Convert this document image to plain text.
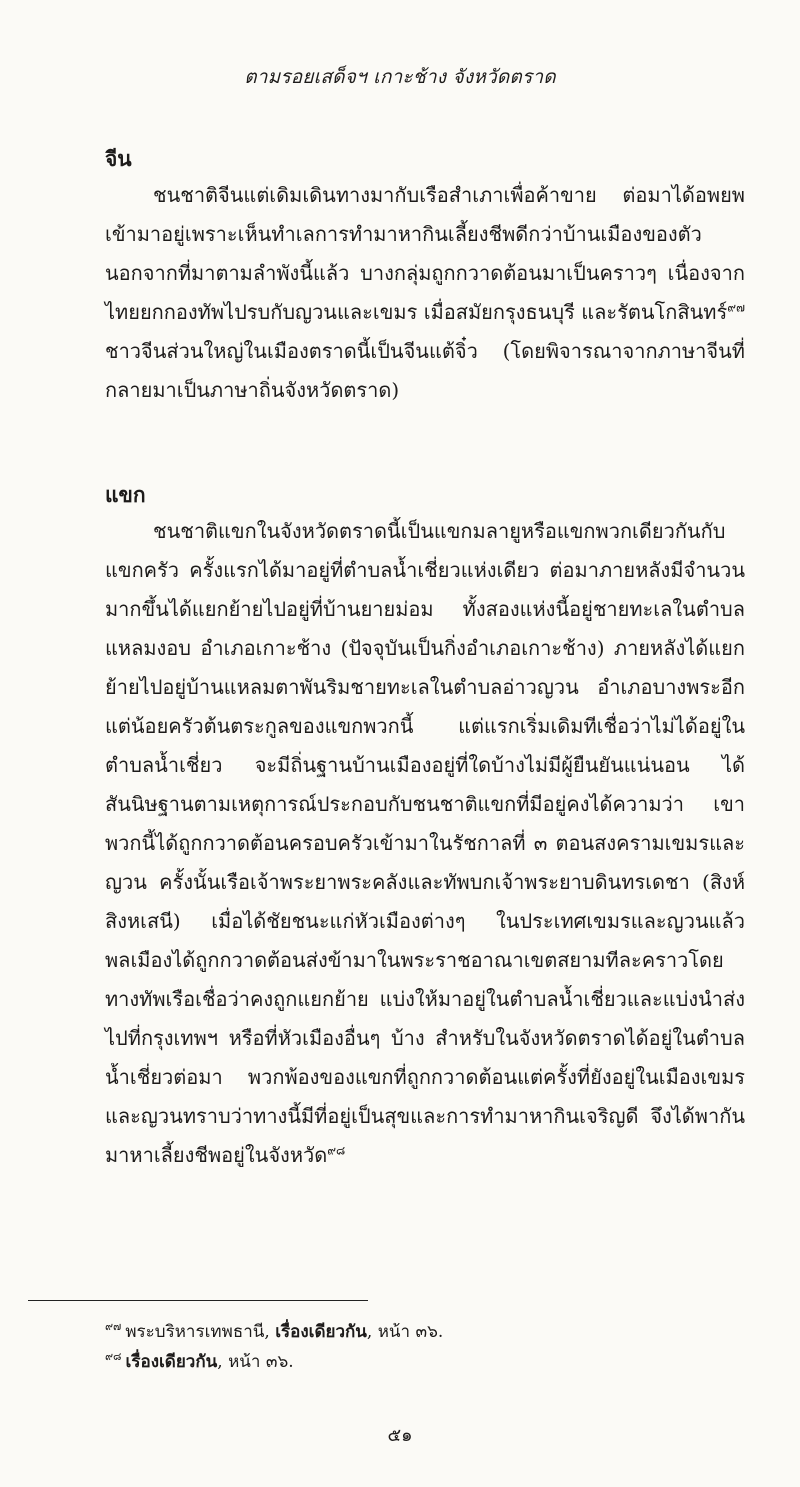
ตามรอยเสด็จฯ เกาะช้าง จังหวัดตราด

จีน

ชนชาติจีนแต่เดิมเดินทางมากับเรือสำเภาเพื่อค้าขาย ต่อมาได้อพยพเข้ามาอยู่เพราะเห็นทำเลการทำมาหากินเลี้ยงชีพดีกว่าบ้านเมืองของตัว นอกจากที่มาตามลำพังนี้แล้ว บางกลุ่มถูกกวาดต้อนมาเป็นคราวๆ เนื่องจากไทยยกกองทัพไปรบกับญวนและเขมร เมื่อสมัยกรุงธนบุรี และรัตนโกสินทร์$^{๙๗}$ ชาวจีนส่วนใหญ่ในเมืองตราดนี้เป็นจีนแต้จิ๋ว (โดยพิจารณาจากภาษาจีนที่กลายมาเป็นภาษาถิ่นจังหวัดตราด)

แขก

ชนชาติแขกในจังหวัดตราดนี้เป็นแขกมลายูหรือแขกพวกเดียวกันกับแขกครัว ครั้งแรกได้มาอยู่ที่ตำบลน้ำเชี่ยวแห่งเดียว ต่อมาภายหลังมีจำนวนมากขึ้นได้แยกย้ายไปอยู่ที่บ้านยายม่อม ทั้งสองแห่งนี้อยู่ชายทะเลในตำบลแหลมงอบ อำเภอเกาะช้าง (ปัจจุบันเป็นกิ่งอำเภอเกาะช้าง) ภายหลังได้แยกย้ายไปอยู่บ้านแหลมตาพันริมชายทะเลในตำบลอ่าวญวน อำเภอบางพระอีก แต่น้อยครัวต้นตระกูลของแขกพวกนี้ แต่แรกเริ่มเดิมทีเชื่อว่าไม่ได้อยู่ในตำบลน้ำเชี่ยว จะมีถิ่นฐานบ้านเมืองอยู่ที่ใดบ้างไม่มีผู้ยืนยันแน่นอน ได้สันนิษฐานตามเหตุการณ์ประกอบกับชนชาติแขกที่มีอยู่คงได้ความว่า เขาพวกนี้ได้ถูกกวาดต้อนครอบครัวเข้ามาในรัชกาลที่ ๓ ตอนสงครามเขมรและญวน ครั้งนั้นเรือเจ้าพระยาพระคลังและทัพบกเจ้าพระยาบดินทรเดชา (สิงห์ สิงหเสนี) เมื่อได้ชัยชนะแก่หัวเมืองต่างๆ ในประเทศเขมรและญวนแล้ว พลเมืองได้ถูกกวาดต้อนส่งข้ามาในพระราชอาณาเขตสยามทีละคราวโดยทางทัพเรือเชื่อว่าคงถูกแยกย้าย แบ่งให้มาอยู่ในตำบลน้ำเชี่ยวและแบ่งนำส่งไปที่กรุงเทพฯ หรือที่หัวเมืองอื่นๆ บ้าง สำหรับในจังหวัดตราดได้อยู่ในตำบลน้ำเชี่ยวต่อมา พวกพ้องของแขกที่ถูกกวาดต้อนแต่ครั้งที่ยังอยู่ในเมืองเขมรและญวนทราบว่าทางนี้มีที่อยู่เป็นสุขและการทำมาหากินเจริญดี จึงได้พากันมาหาเลี้ยงชีพอยู่ในจังหวัด$^{๙๘}$

$^{๙๗}$ พระบริหารเทพธานี, เรื่องเดียวกัน, หน้า ๓๖.
$^{๙๘}$ เรื่องเดียวกัน, หน้า ๓๖.
๕๑
